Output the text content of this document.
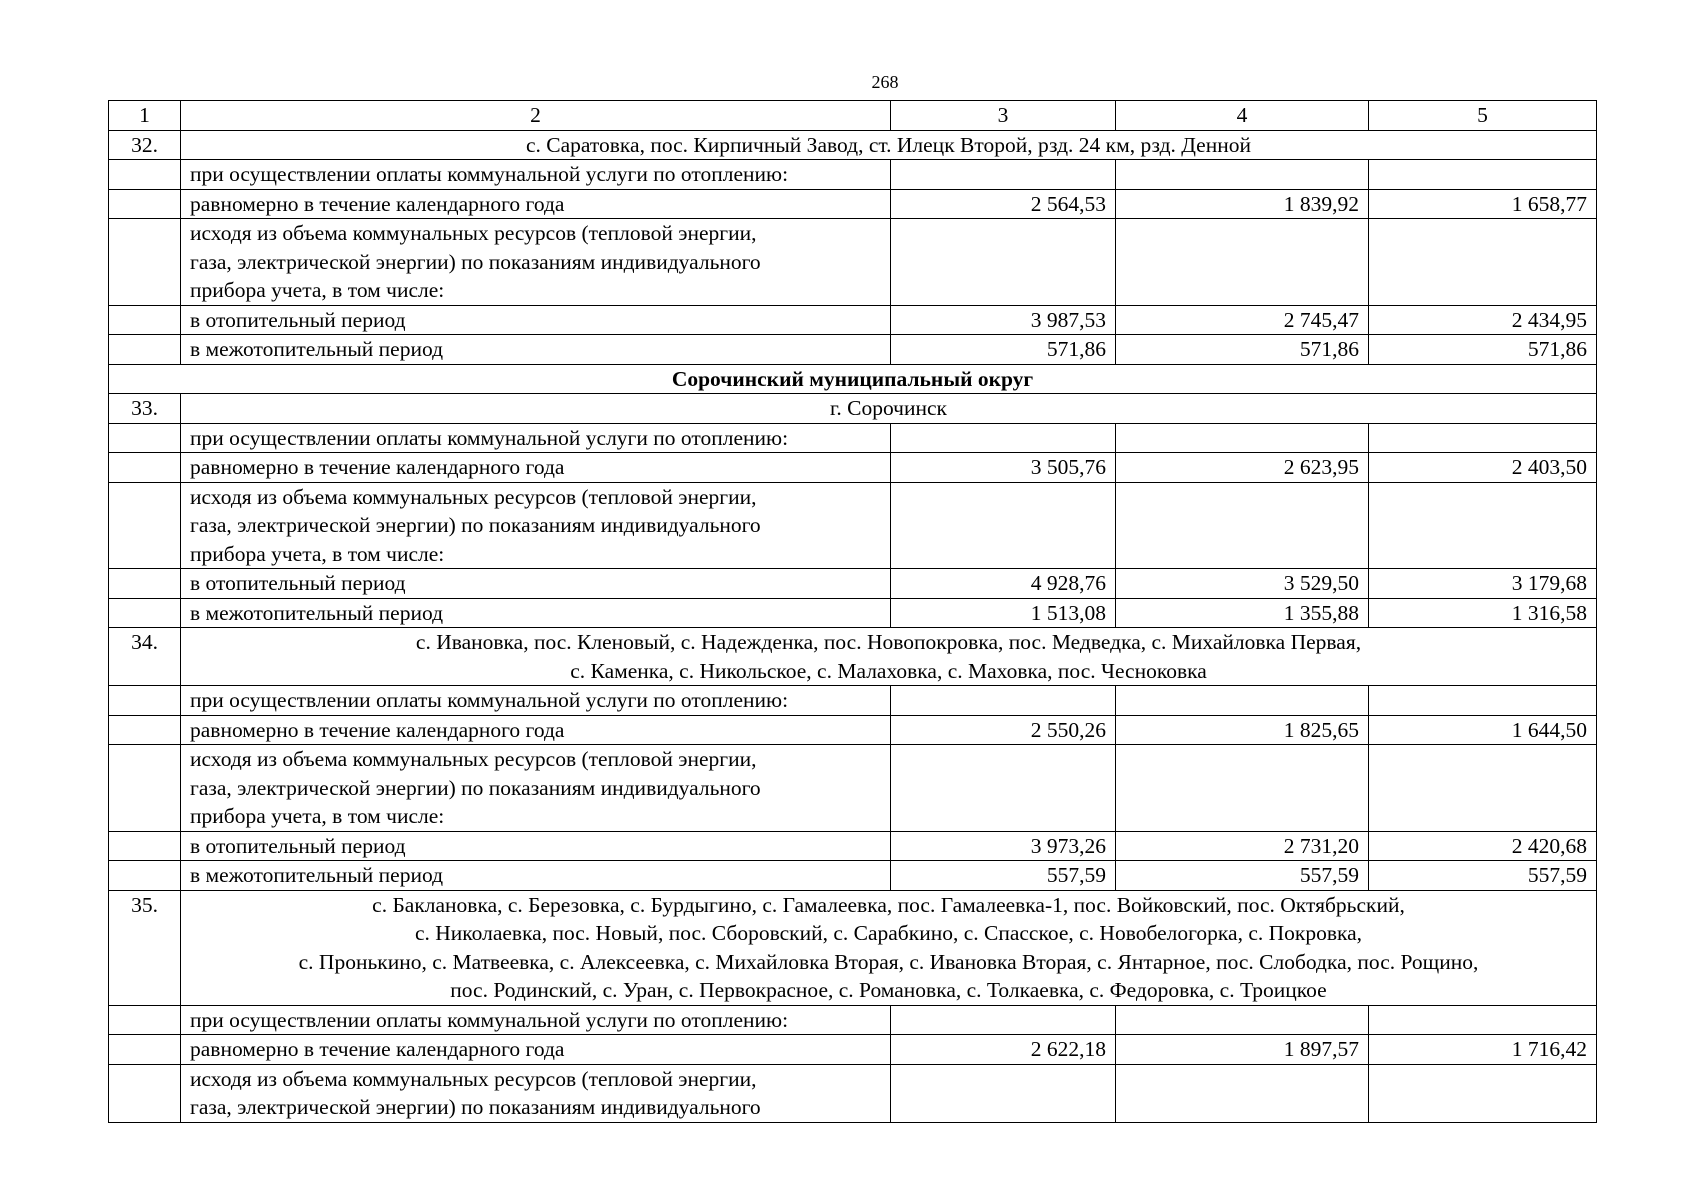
268
1	2	3	4	5
32.	с. Саратовка, пос. Кирпичный Завод, ст. Илецк Второй, рзд. 24 км, рзд. Денной			

	при осуществлении оплаты коммунальной услуги по отоплению:			

	равномерно в течение календарного года	2 564,53	1 839,92	1 658,77

	исходя из объема коммунальных ресурсов (тепловой энергии,
газа, электрической энергии) по показаниям индивидуального
прибора учета, в том числе:			

	в отопительный период	3 987,53	2 745,47	2 434,95

	в межотопительный период	571,86	571,86	571,86
Сорочинский муниципальный округ				
33.	г. Сорочинск			

	при осуществлении оплаты коммунальной услуги по отоплению:			

	равномерно в течение календарного года	3 505,76	2 623,95	2 403,50

	исходя из объема коммунальных ресурсов (тепловой энергии,
газа, электрической энергии) по показаниям индивидуального
прибора учета, в том числе:			

	в отопительный период	4 928,76	3 529,50	3 179,68

	в межотопительный период	1 513,08	1 355,88	1 316,58
34.	с. Ивановка, пос. Кленовый, с. Надежденка, пос. Новопокровка, пос. Медведка, с. Михайловка Первая,
с. Каменка, с. Никольское, с. Малаховка, с. Маховка, пос. Чесноковка			

	при осуществлении оплаты коммунальной услуги по отоплению:			

	равномерно в течение календарного года	2 550,26	1 825,65	1 644,50

	исходя из объема коммунальных ресурсов (тепловой энергии,
газа, электрической энергии) по показаниям индивидуального
прибора учета, в том числе:			

	в отопительный период	3 973,26	2 731,20	2 420,68

	в межотопительный период	557,59	557,59	557,59
35.	с. Баклановка, с. Березовка, с. Бурдыгино, с. Гамалеевка, пос. Гамалеевка-1, пос. Войковский, пос. Октябрьский,
с. Николаевка, пос. Новый, пос. Сборовский, с. Сарабкино, с. Спасское, с. Новобелогорка, с. Покровка,
с. Пронькино, с. Матвеевка, с. Алексеевка, с. Михайловка Вторая, с. Ивановка Вторая, с. Янтарное, пос. Слободка, пос. Рощино,
пос. Родинский, с. Уран, с. Первокрасное, с. Романовка, с. Толкаевка, с. Федоровка, с. Троицкое			

	при осуществлении оплаты коммунальной услуги по отоплению:			

	равномерно в течение календарного года	2 622,18	1 897,57	1 716,42

	исходя из объема коммунальных ресурсов (тепловой энергии,
газа, электрической энергии) по показаниям индивидуального			
